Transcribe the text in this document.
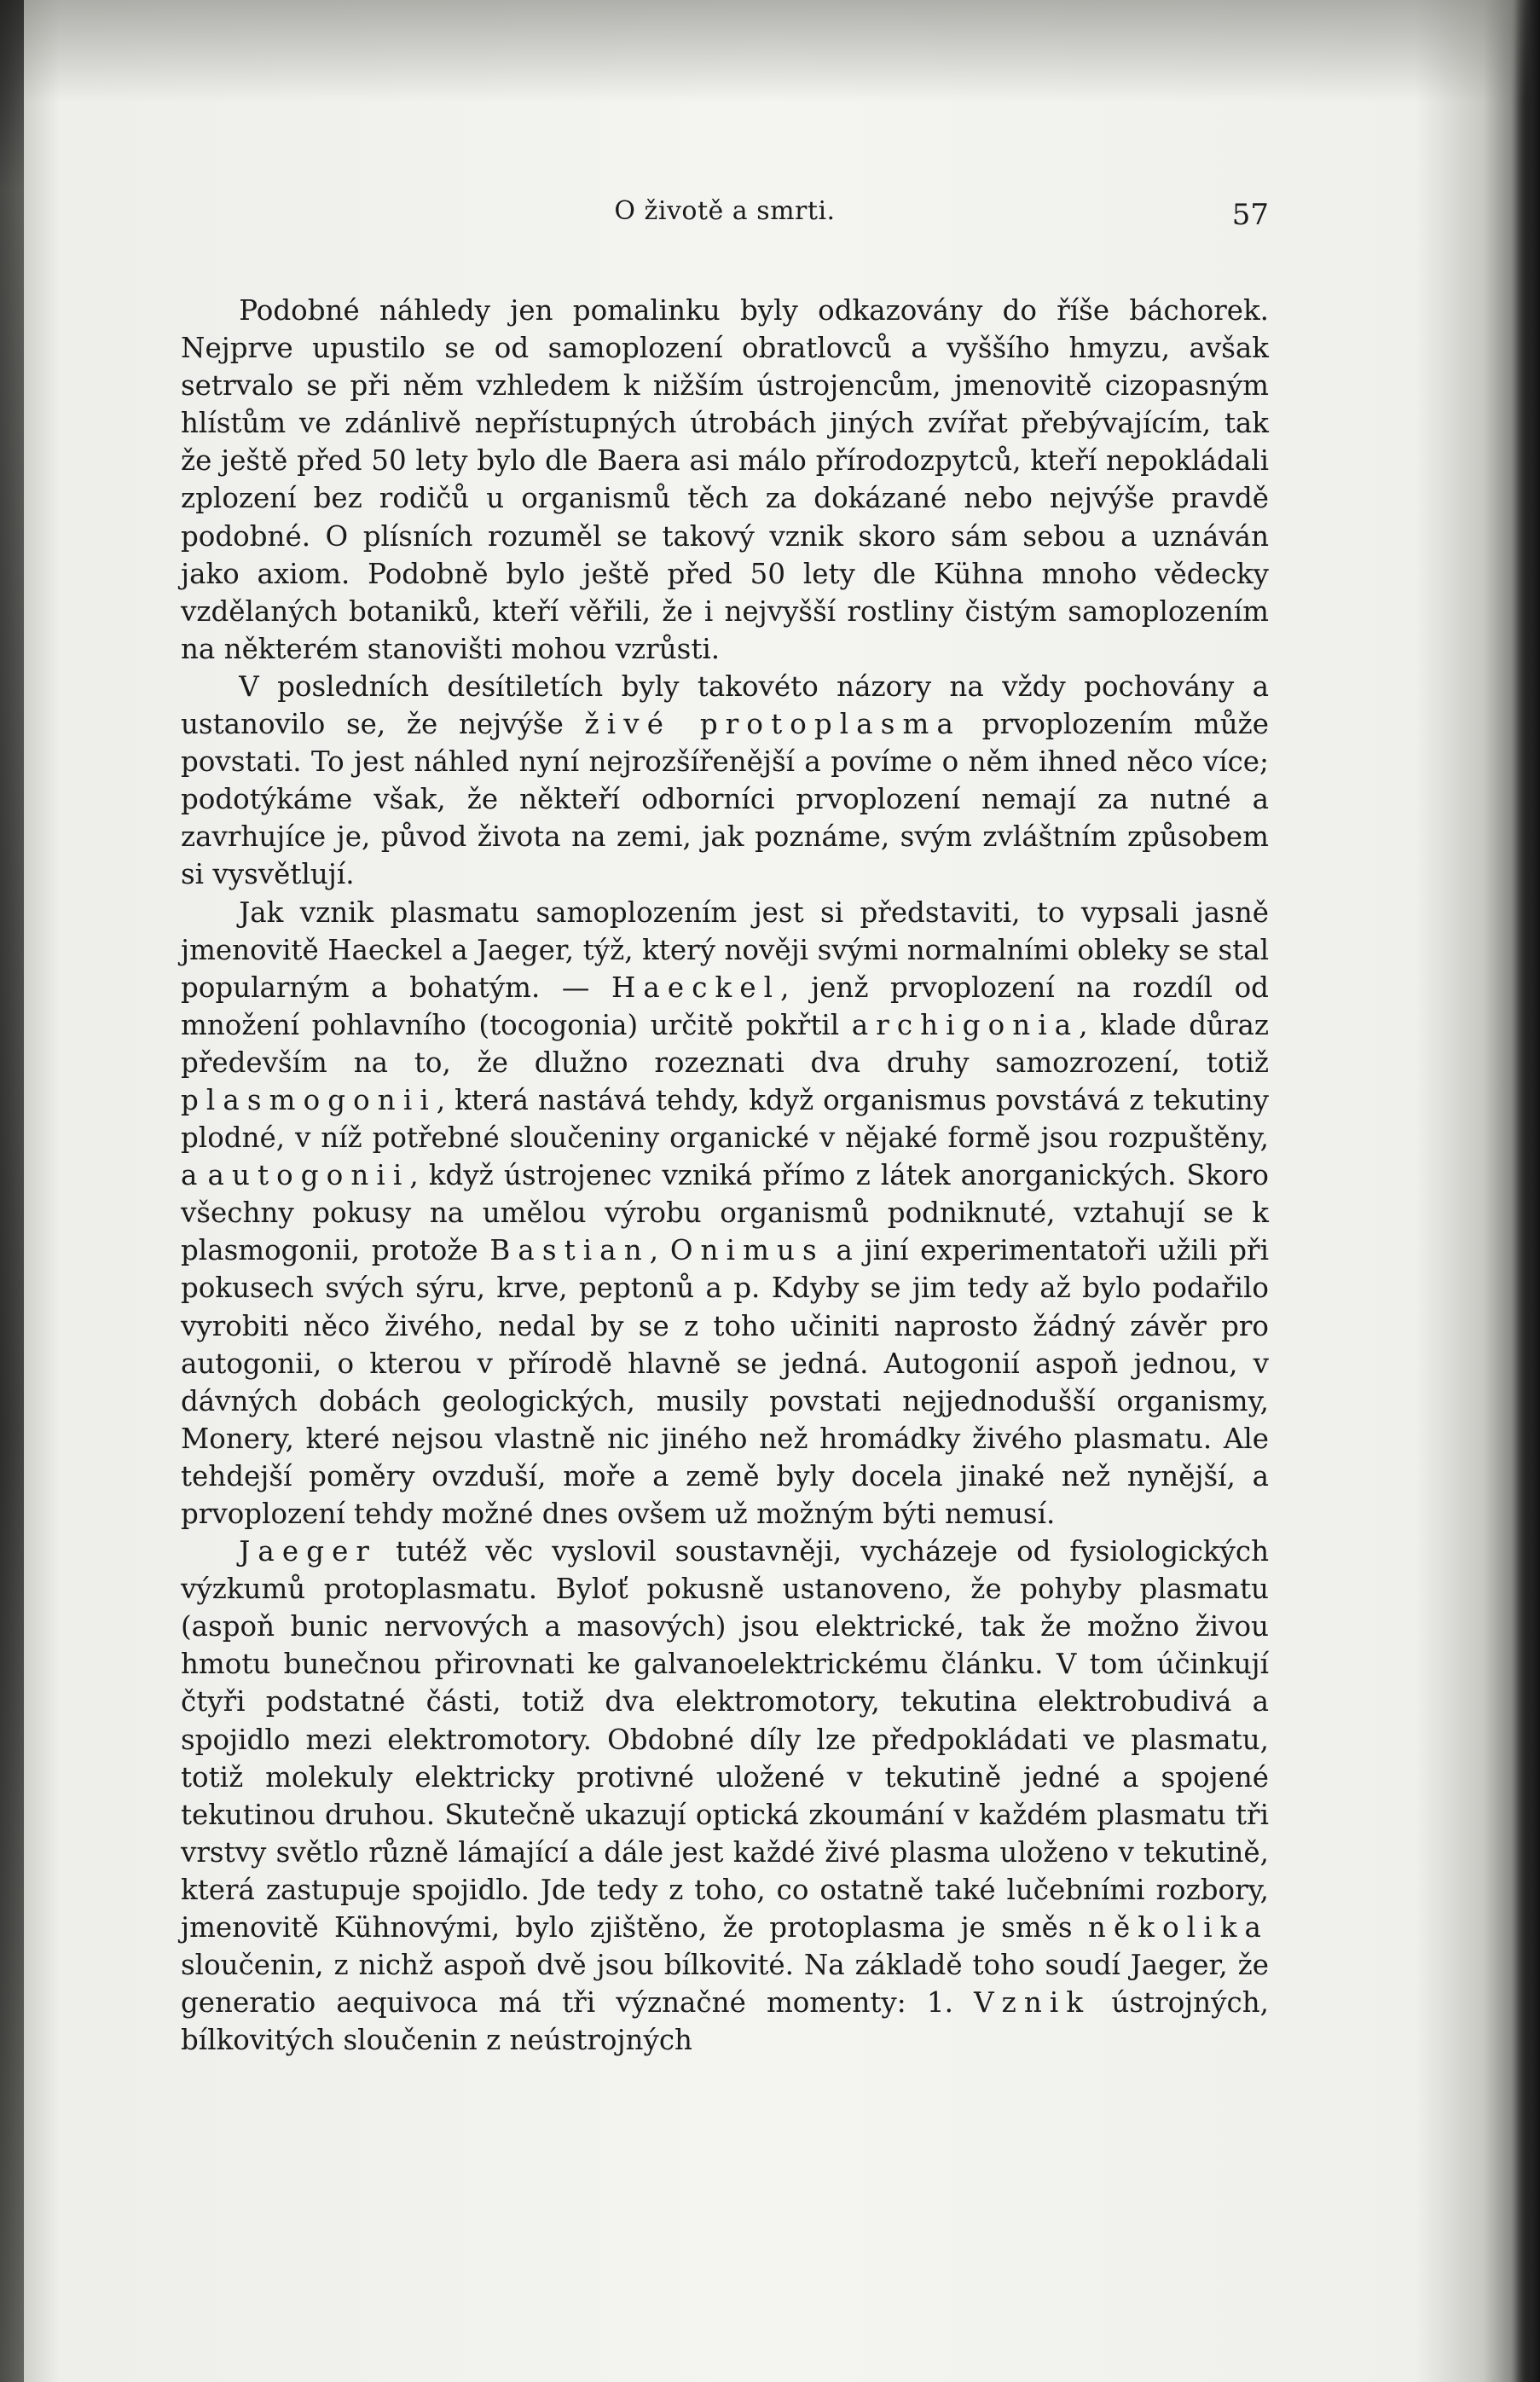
O životě a smrti.	57

Podobné náhledy jen pomalinku byly odkazovány do říše báchorek. Nejprve upustilo se od samoplození obratlovců a vyššího hmyzu, avšak setrvalo se při něm vzhledem k nižším ústrojencům, jmenovitě cizopasným hlístům ve zdánlivě nepřístupných útrobách jiných zvířat přebývajícím, tak že ještě před 50 lety bylo dle Baera asi málo přírodozpytců, kteří nepokládali zplození bez rodičů u organismů těch za dokázané nebo nejvýše pravdě podobné. O plísních rozuměl se takový vznik skoro sám sebou a uznáván jako axiom. Podobně bylo ještě před 50 lety dle Kühna mnoho vědecky vzdělaných botaniků, kteří věřili, že i nejvyšší rostliny čistým samoplozením na některém stanovišti mohou vzrůsti.

V posledních desítiletích byly takovéto názory na vždy pochovány a ustanovilo se, že nejvýše živé protoplasma prvoplozením může povstati. To jest náhled nyní nejrozšířenější a povíme o něm ihned něco více; podotýkáme však, že někteří odborníci prvoplození nemají za nutné a zavrhujíce je, původ života na zemi, jak poznáme, svým zvláštním způsobem si vysvětlují.

Jak vznik plasmatu samoplozením jest si představiti, to vypsali jasně jmenovitě Haeckel a Jaeger, týž, který nověji svými normalními obleky se stal popularným a bohatým. — Haeckel, jenž prvoplození na rozdíl od množení pohlavního (tocogonia) určitě pokřtil archigonia, klade důraz především na to, že dlužno rozeznati dva druhy samozrození, totiž plasmogonii, která nastává tehdy, když organismus povstává z tekutiny plodné, v níž potřebné sloučeniny organické v nějaké formě jsou rozpuštěny, a autogonii, když ústrojenec vzniká přímo z látek anorganických. Skoro všechny pokusy na umělou výrobu organismů podniknuté, vztahují se k plasmogonii, protože Bastian, Onimus a jiní experimentatoři užili při pokusech svých sýru, krve, peptonů a p. Kdyby se jim tedy až bylo podařilo vyrobiti něco živého, nedal by se z toho učiniti naprosto žádný závěr pro autogonii, o kterou v přírodě hlavně se jedná. Autogonií aspoň jednou, v dávných dobách geologických, musily povstati nejjednodušší organismy, Monery, které nejsou vlastně nic jiného než hromádky živého plasmatu. Ale tehdejší poměry ovzduší, moře a země byly docela jinaké než nynější, a prvoplození tehdy možné dnes ovšem už možným býti nemusí.

Jaeger tutéž věc vyslovil soustavněji, vycházeje od fysiologických výzkumů protoplasmatu. Byloť pokusně ustanoveno, že pohyby plasmatu (aspoň bunic nervových a masových) jsou elektrické, tak že možno živou hmotu bunečnou přirovnati ke galvanoelektrickému článku. V tom účinkují čtyři podstatné části, totiž dva elektromotory, tekutina elektrobudivá a spojidlo mezi elektromotory. Obdobné díly lze předpokládati ve plasmatu, totiž molekuly elektricky protivné uložené v tekutině jedné a spojené tekutinou druhou. Skutečně ukazují optická zkoumání v každém plasmatu tři vrstvy světlo různě lámající a dále jest každé živé plasma uloženo v tekutině, která zastupuje spojidlo. Jde tedy z toho, co ostatně také lučebními rozbory, jmenovitě Kühnovými, bylo zjištěno, že protoplasma je směs několika sloučenin, z nichž aspoň dvě jsou bílkovité. Na základě toho soudí Jaeger, že generatio aequivoca má tři význačné momenty: 1. Vznik ústrojných, bílkovitých sloučenin z neústrojných
